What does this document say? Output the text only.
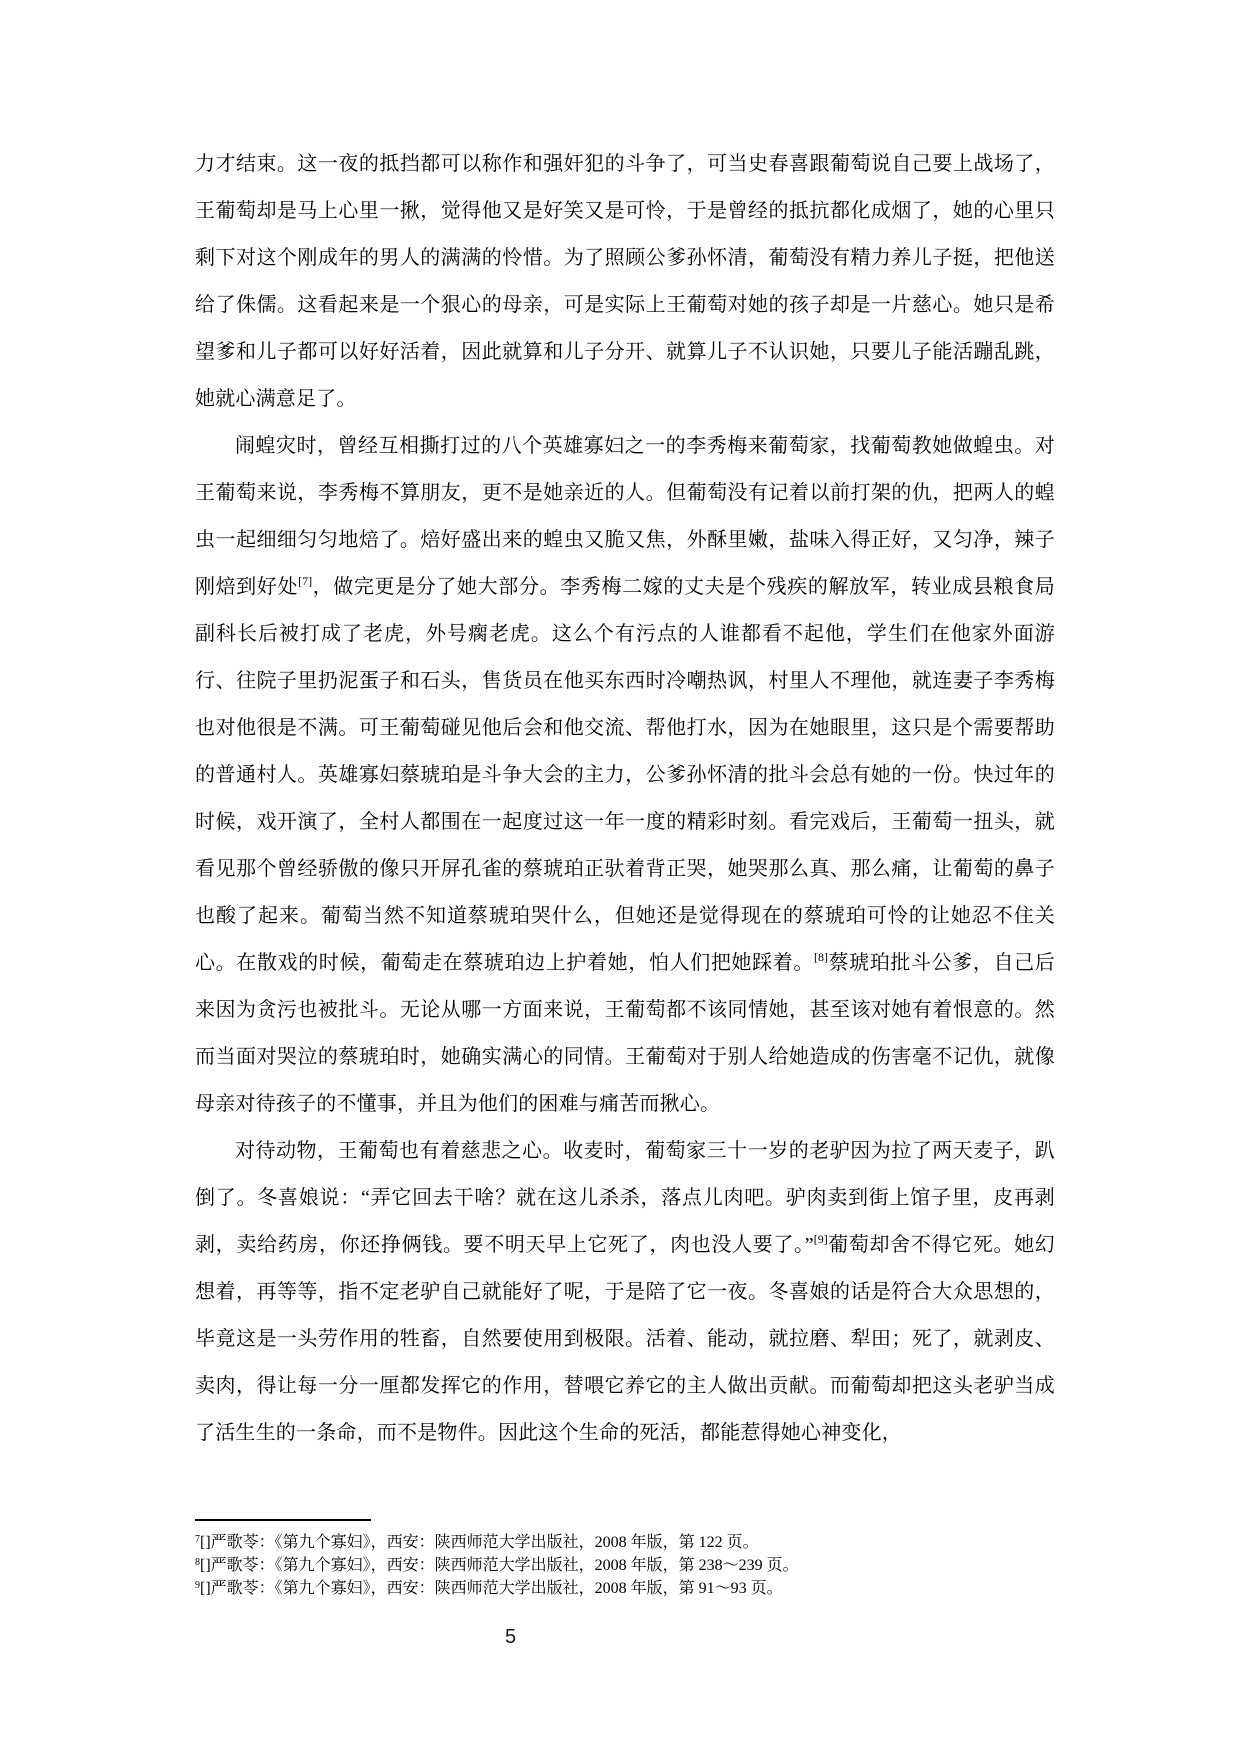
力才结束。这一夜的抵挡都可以称作和强奸犯的斗争了，可当史春喜跟葡萄说自己要上战场了，王葡萄却是马上心里一揪，觉得他又是好笑又是可怜，于是曾经的抵抗都化成烟了，她的心里只剩下对这个刚成年的男人的满满的怜惜。为了照顾公爹孙怀清，葡萄没有精力养儿子挺，把他送给了侏儒。这看起来是一个狠心的母亲，可是实际上王葡萄对她的孩子却是一片慈心。她只是希望爹和儿子都可以好好活着，因此就算和儿子分开、就算儿子不认识她，只要儿子能活蹦乱跳，她就心满意足了。

闹蝗灾时，曾经互相撕打过的八个英雄寡妇之一的李秀梅来葡萄家，找葡萄教她做蝗虫。对王葡萄来说，李秀梅不算朋友，更不是她亲近的人。但葡萄没有记着以前打架的仇，把两人的蝗虫一起细细匀匀地焙了。焙好盛出来的蝗虫又脆又焦，外酥里嫩，盐味入得正好，又匀净，辣子刚焙到好处[7]，做完更是分了她大部分。李秀梅二嫁的丈夫是个残疾的解放军，转业成县粮食局副科长后被打成了老虎，外号瘸老虎。这么个有污点的人谁都看不起他，学生们在他家外面游行、往院子里扔泥蛋子和石头，售货员在他买东西时冷嘲热讽，村里人不理他，就连妻子李秀梅也对他很是不满。可王葡萄碰见他后会和他交流、帮他打水，因为在她眼里，这只是个需要帮助的普通村人。英雄寡妇蔡琥珀是斗争大会的主力，公爹孙怀清的批斗会总有她的一份。快过年的时候，戏开演了，全村人都围在一起度过这一年一度的精彩时刻。看完戏后，王葡萄一扭头，就看见那个曾经骄傲的像只开屏孔雀的蔡琥珀正驮着背正哭，她哭那么真、那么痛，让葡萄的鼻子也酸了起来。葡萄当然不知道蔡琥珀哭什么，但她还是觉得现在的蔡琥珀可怜的让她忍不住关心。在散戏的时候，葡萄走在蔡琥珀边上护着她，怕人们把她踩着。[8]蔡琥珀批斗公爹，自己后来因为贪污也被批斗。无论从哪一方面来说，王葡萄都不该同情她，甚至该对她有着恨意的。然而当面对哭泣的蔡琥珀时，她确实满心的同情。王葡萄对于别人给她造成的伤害毫不记仇，就像母亲对待孩子的不懂事，并且为他们的困难与痛苦而揪心。

对待动物，王葡萄也有着慈悲之心。收麦时，葡萄家三十一岁的老驴因为拉了两天麦子，趴倒了。冬喜娘说：“弄它回去干啥？就在这儿杀杀，落点儿肉吧。驴肉卖到街上馆子里，皮再剥剥，卖给药房，你还挣俩钱。要不明天早上它死了，肉也没人要了。”[9]葡萄却舍不得它死。她幻想着，再等等，指不定老驴自己就能好了呢，于是陪了它一夜。冬喜娘的话是符合大众思想的，毕竟这是一头劳作用的牲畜，自然要使用到极限。活着、能动，就拉磨、犁田；死了，就剥皮、卖肉，得让每一分一厘都发挥它的作用，替喂它养它的主人做出贡献。而葡萄却把这头老驴当成了活生生的一条命，而不是物件。因此这个生命的死活，都能惹得她心神变化，

$^7$[]严歌苓：《第九个寡妇》，西安：陕西师范大学出版社，2008 年版，第 122 页。
$^8$[]严歌苓：《第九个寡妇》，西安：陕西师范大学出版社，2008 年版，第 238～239 页。
$^9$[]严歌苓：《第九个寡妇》，西安：陕西师范大学出版社，2008 年版，第 91～93 页。
5
